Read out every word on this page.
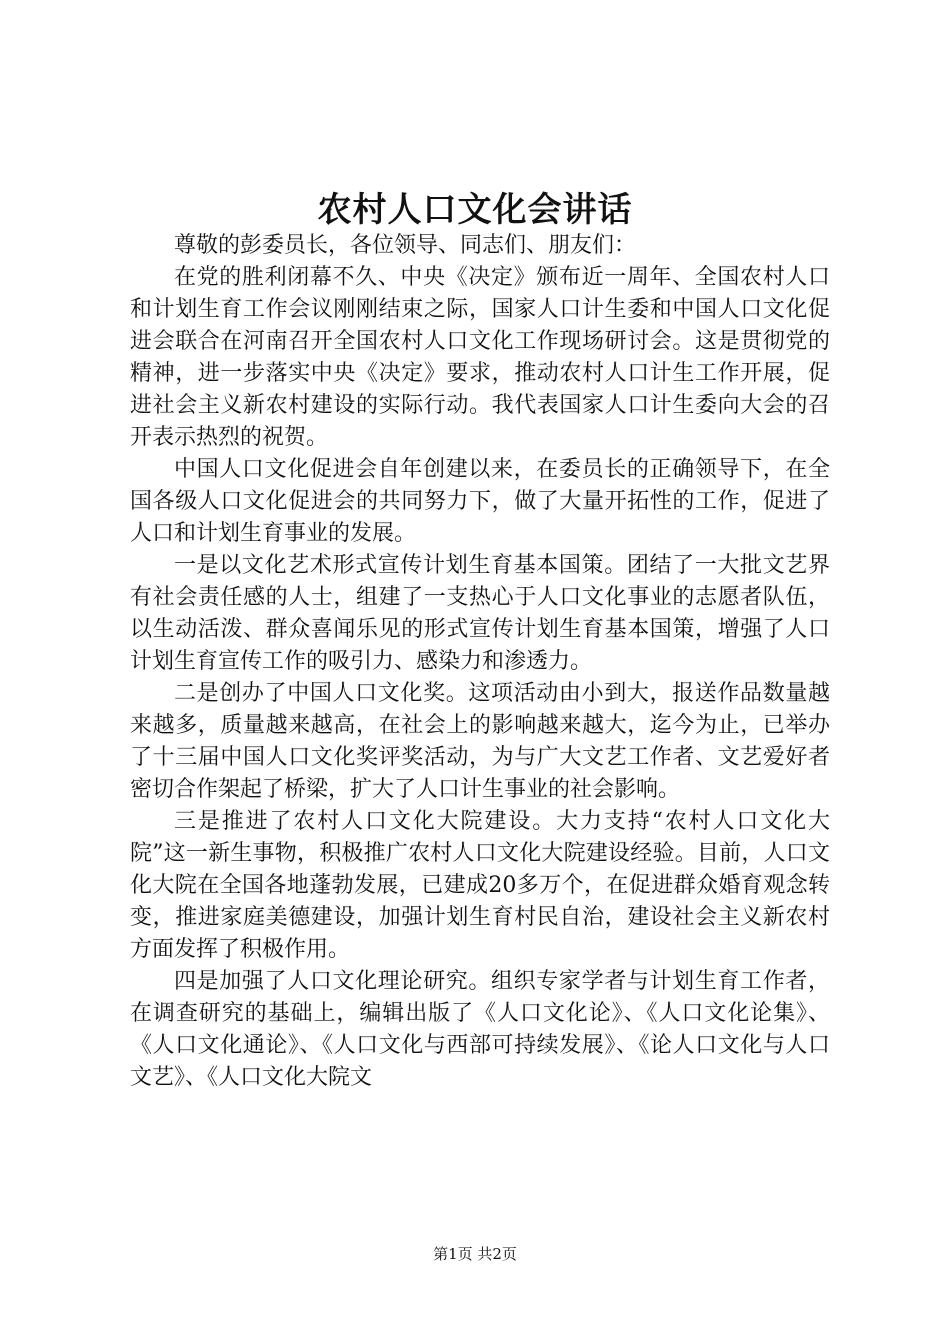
农村人口文化会讲话

尊敬的彭委员长，各位领导、同志们、朋友们：

在党的胜利闭幕不久、中央《决定》颁布近一周年、全国农村人口和计划生育工作会议刚刚结束之际，国家人口计生委和中国人口文化促进会联合在河南召开全国农村人口文化工作现场研讨会。这是贯彻党的精神，进一步落实中央《决定》要求，推动农村人口计生工作开展，促进社会主义新农村建设的实际行动。我代表国家人口计生委向大会的召开表示热烈的祝贺。

中国人口文化促进会自年创建以来，在委员长的正确领导下，在全国各级人口文化促进会的共同努力下，做了大量开拓性的工作，促进了人口和计划生育事业的发展。

一是以文化艺术形式宣传计划生育基本国策。团结了一大批文艺界有社会责任感的人士，组建了一支热心于人口文化事业的志愿者队伍，以生动活泼、群众喜闻乐见的形式宣传计划生育基本国策，增强了人口计划生育宣传工作的吸引力、感染力和渗透力。

二是创办了中国人口文化奖。这项活动由小到大，报送作品数量越来越多，质量越来越高，在社会上的影响越来越大，迄今为止，已举办了十三届中国人口文化奖评奖活动，为与广大文艺工作者、文艺爱好者密切合作架起了桥梁，扩大了人口计生事业的社会影响。

三是推进了农村人口文化大院建设。大力支持“农村人口文化大院”这一新生事物，积极推广农村人口文化大院建设经验。目前，人口文化大院在全国各地蓬勃发展，已建成20多万个，在促进群众婚育观念转变，推进家庭美德建设，加强计划生育村民自治，建设社会主义新农村方面发挥了积极作用。

四是加强了人口文化理论研究。组织专家学者与计划生育工作者，在调查研究的基础上，编辑出版了《人口文化论》、《人口文化论集》、《人口文化通论》、《人口文化与西部可持续发展》、《论人口文化与人口文艺》、《人口文化大院文

第1页 共2页
